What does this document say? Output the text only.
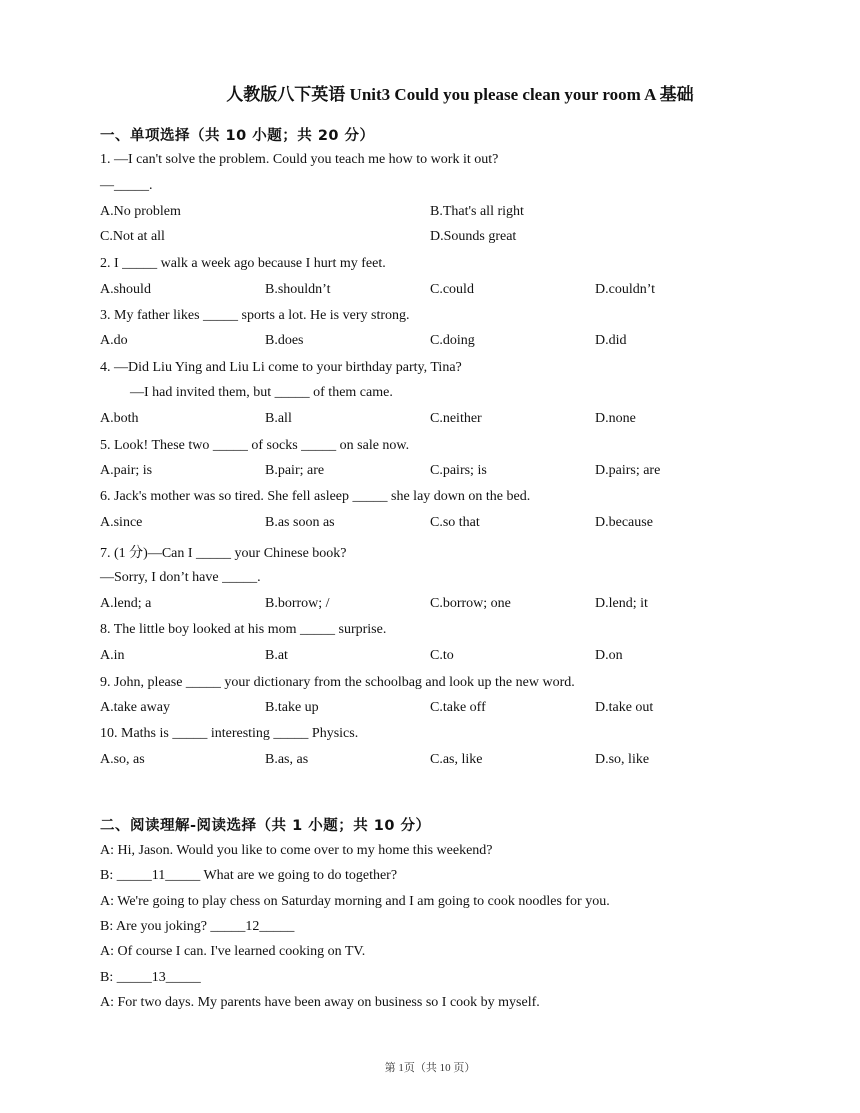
人教版八下英语 Unit3 Could you please clean your room A 基础
一、单项选择（共 10 小题；共 20 分）
1. —I can't solve the problem. Could you teach me how to work it out?
—_____.
A.No problem	B.That's all right
C.Not at all	D.Sounds great
2. I _____ walk a week ago because I hurt my feet.
A.should	B.shouldn’t	C.could	D.couldn’t
3. My father likes _____ sports a lot. He is very strong.
A.do	B.does	C.doing	D.did
4. —Did Liu Ying and Liu Li come to your birthday party, Tina?
—I had invited them, but _____ of them came.
A.both	B.all	C.neither	D.none
5. Look! These two _____ of socks _____ on sale now.
A.pair; is	B.pair; are	C.pairs; is	D.pairs; are
6. Jack's mother was so tired. She fell asleep _____ she lay down on the bed.
A.since	B.as soon as	C.so that	D.because
7. (1 分)—Can I _____ your Chinese book?
—Sorry, I don’t have _____.
A.lend; a	B.borrow; /	C.borrow; one	D.lend; it
8. The little boy looked at his mom _____ surprise.
A.in	B.at	C.to	D.on
9. John, please _____ your dictionary from the schoolbag and look up the new word.
A.take away	B.take up	C.take off	D.take out
10. Maths is _____ interesting _____ Physics.
A.so, as	B.as, as	C.as, like	D.so, like
二、阅读理解-阅读选择（共 1 小题；共 10 分）
A: Hi, Jason. Would you like to come over to my home this weekend?
B: _____11_____ What are we going to do together?
A: We're going to play chess on Saturday morning and I am going to cook noodles for you.
B: Are you joking? _____12_____
A: Of course I can. I've learned cooking on TV.
B: _____13_____
A: For two days. My parents have been away on business so I cook by myself.
第 1页（共 10 页）
